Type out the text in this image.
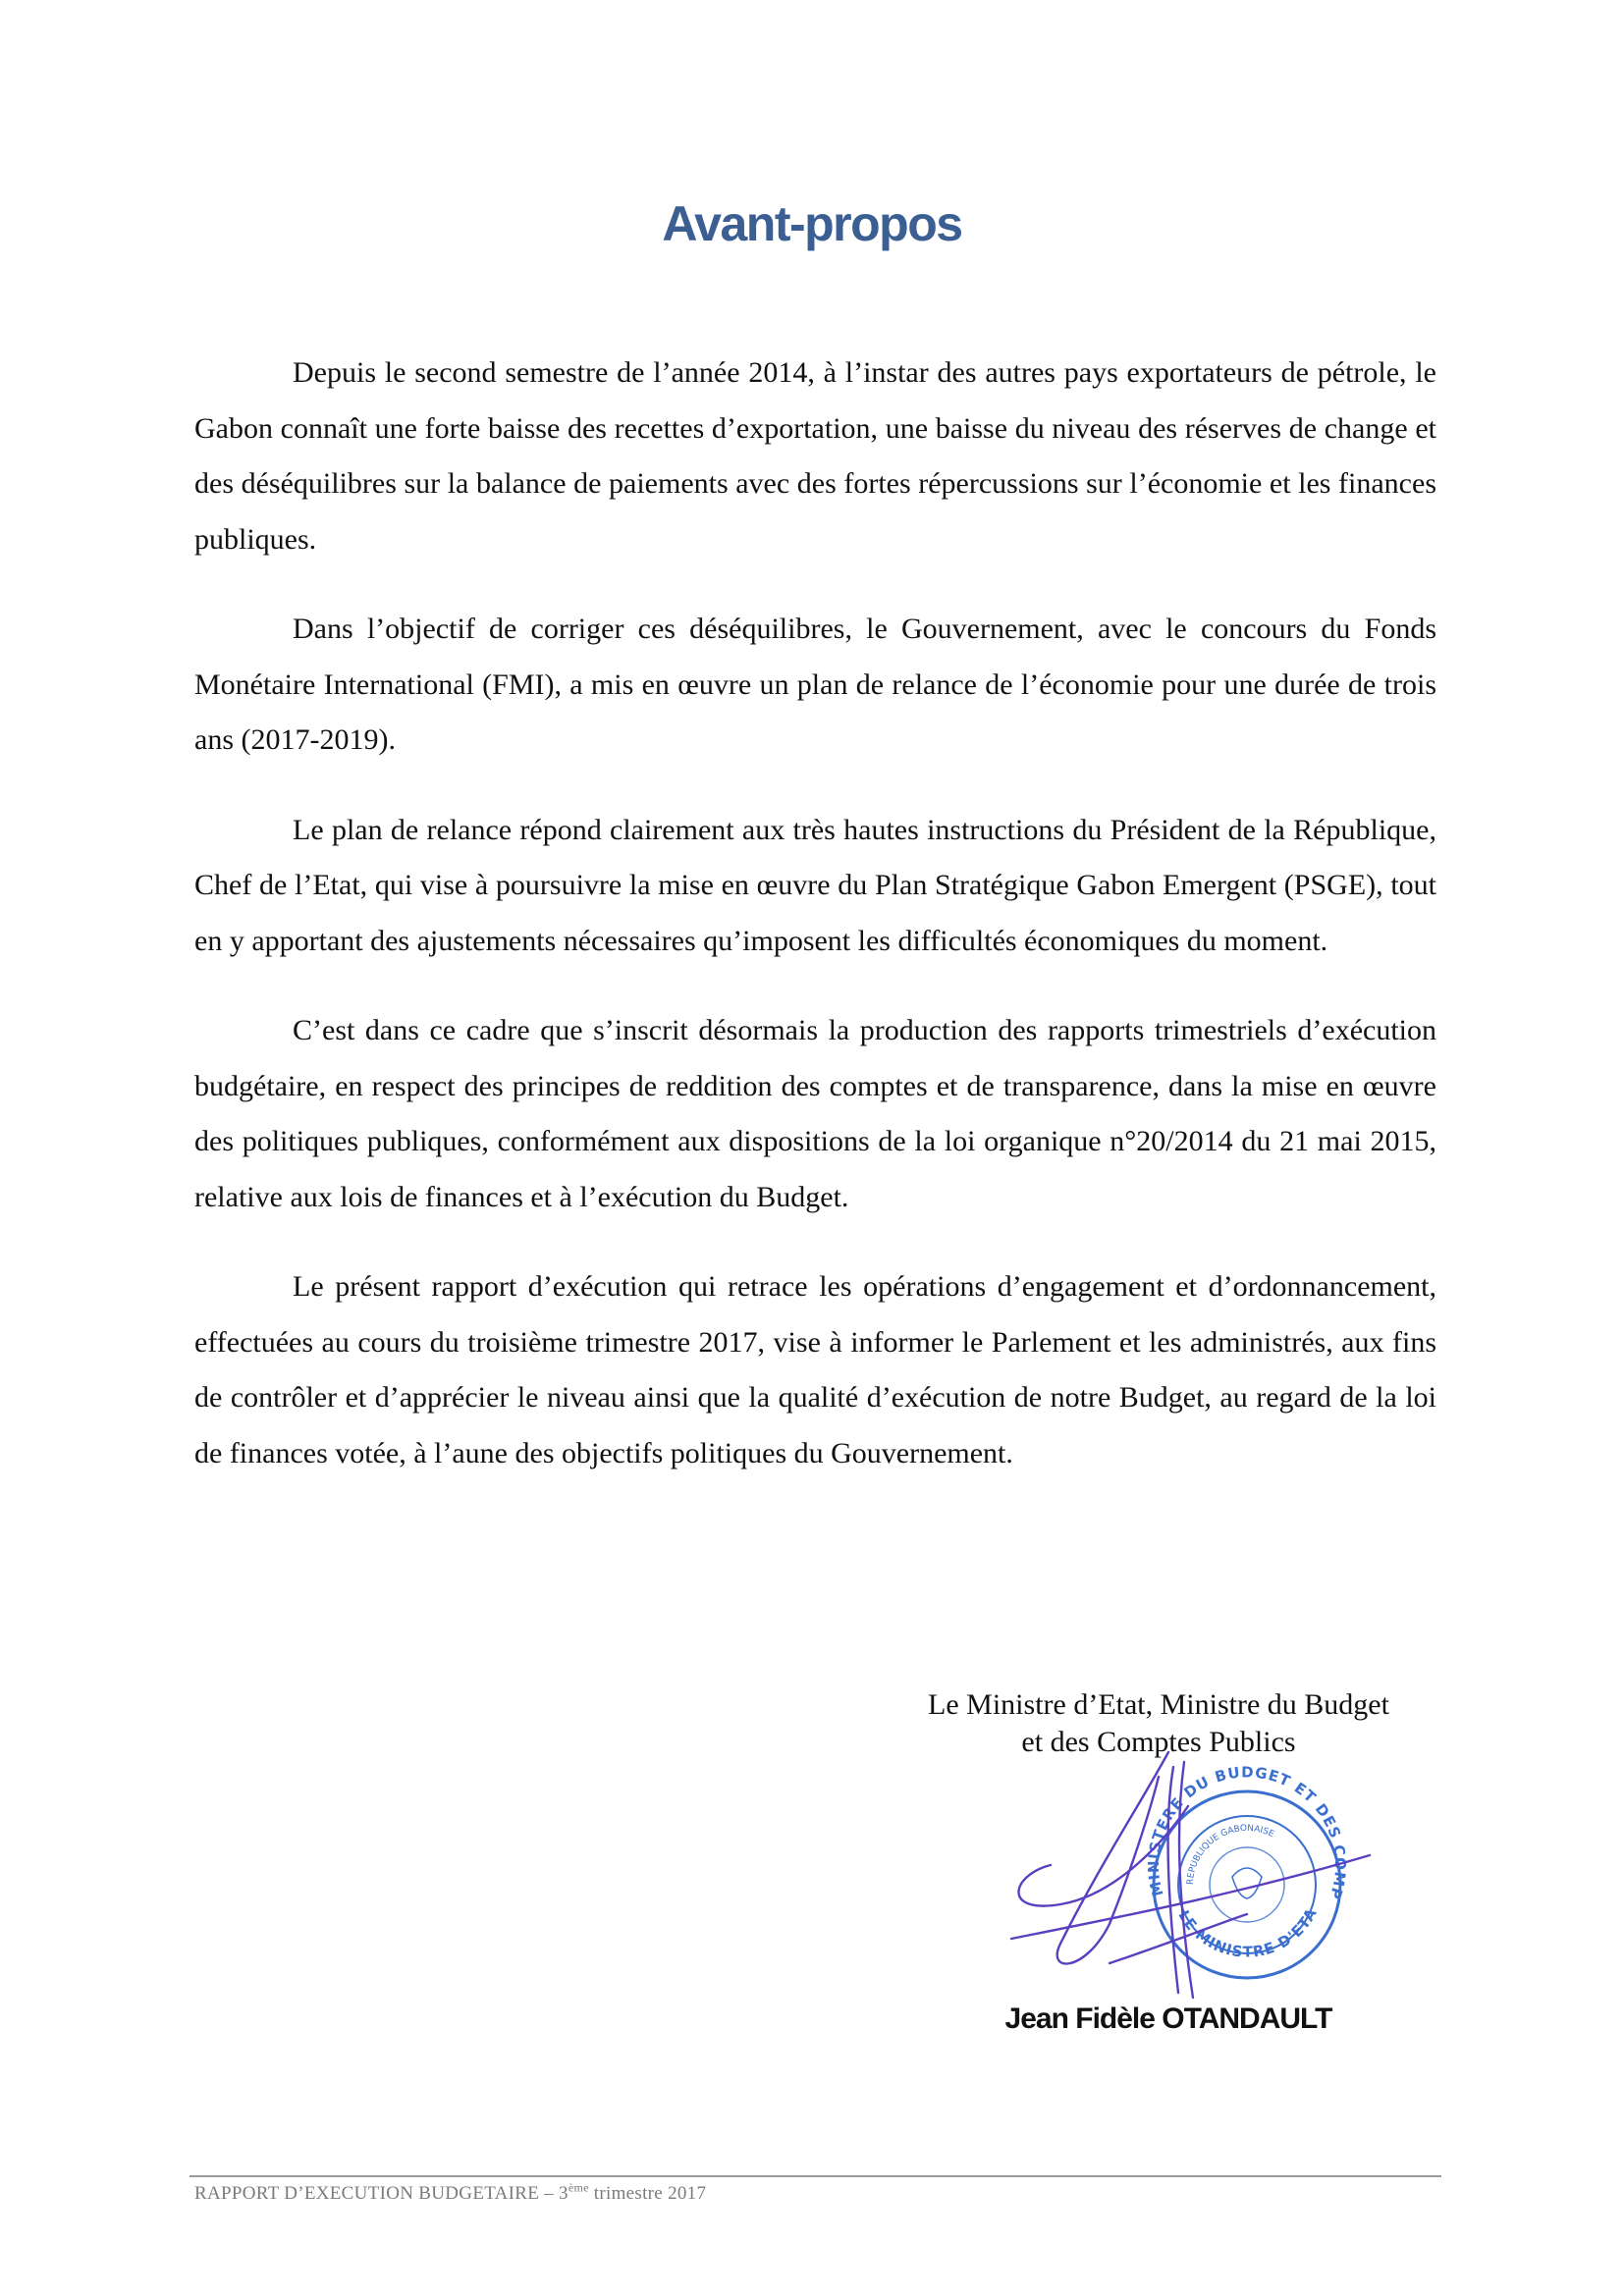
Avant-propos

Depuis le second semestre de l’année 2014, à l’instar des autres pays exportateurs de pétrole, le Gabon connaît une forte baisse des recettes d’exportation, une baisse du niveau des réserves de change et des déséquilibres sur la balance de paiements avec des fortes répercussions sur l’économie et les finances publiques.

Dans l’objectif de corriger ces déséquilibres, le Gouvernement, avec le concours du Fonds Monétaire International (FMI), a mis en œuvre un plan de relance de l’économie pour une durée de trois ans (2017-2019).

Le plan de relance répond clairement aux très hautes instructions du Président de la République, Chef de l’Etat, qui vise à poursuivre la mise en œuvre du Plan Stratégique Gabon Emergent (PSGE), tout en y apportant des ajustements nécessaires qu’imposent les difficultés économiques du moment.

C’est dans ce cadre que s’inscrit désormais la production des rapports trimestriels d’exécution budgétaire, en respect des principes de reddition des comptes et de transparence, dans la mise en œuvre des politiques publiques, conformément aux dispositions de la loi organique n°20/2014 du 21 mai 2015, relative aux lois de finances et à l’exécution du Budget.

Le présent rapport d’exécution qui retrace les opérations d’engagement et d’ordonnancement, effectuées au cours du troisième trimestre 2017, vise à informer le Parlement et les administrés, aux fins de contrôler et d’apprécier le niveau ainsi que la qualité d’exécution de notre Budget, au regard de la loi de finances votée, à l’aune des objectifs politiques du Gouvernement.

Le Ministre d’Etat, Ministre du Budget
et des Comptes Publics
MINISTERE DU BUDGET ET DES COMP
LE MINISTRE D'ETA
REPUBLIQUE GABONAISE
Jean Fidèle OTANDAULT
RAPPORT D’EXECUTION BUDGETAIRE – 3ème trimestre 2017
